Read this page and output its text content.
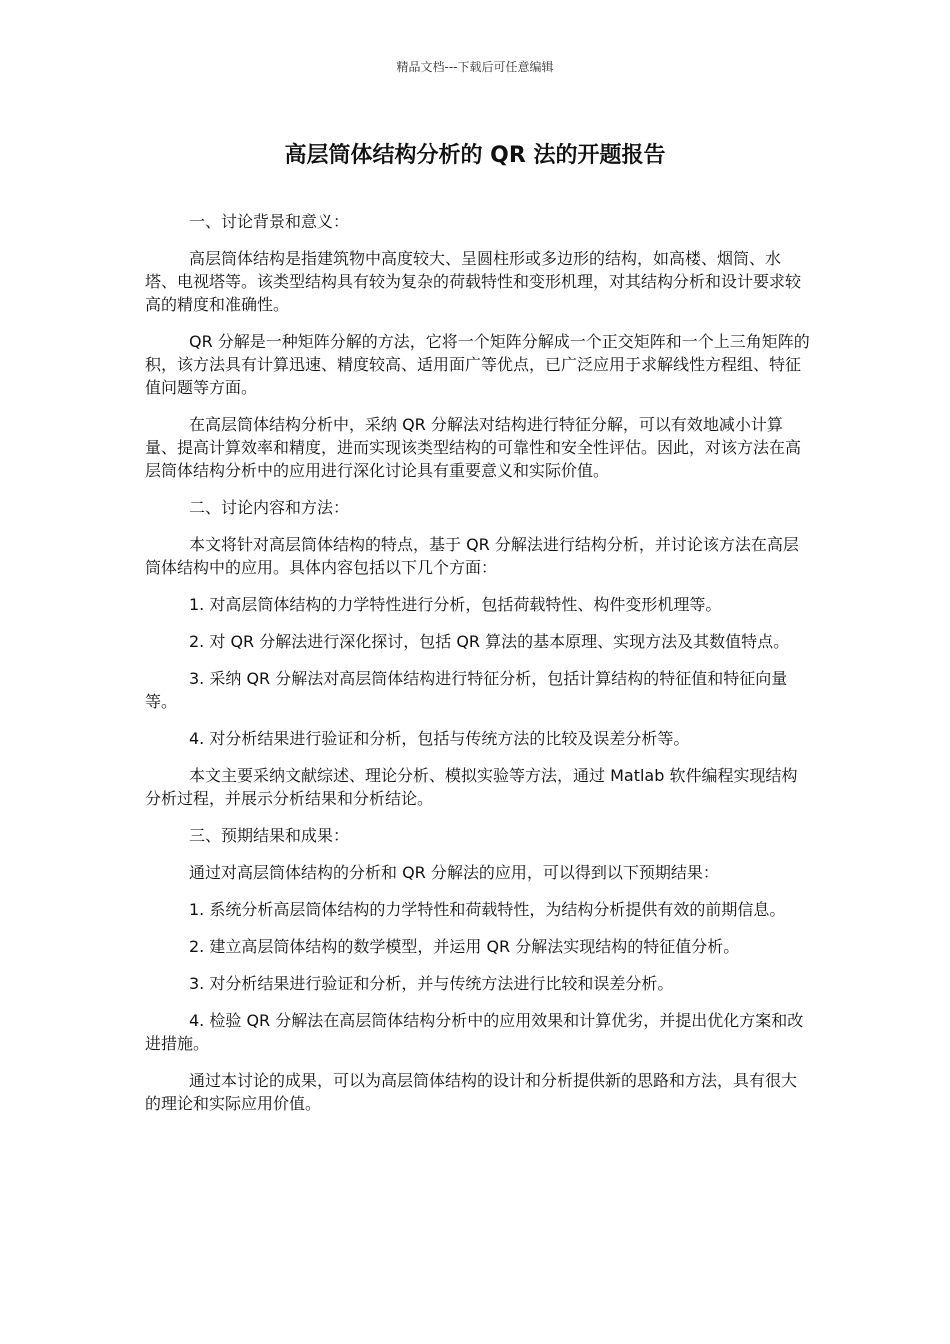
精品文档---下载后可任意编辑
高层筒体结构分析的 QR 法的开题报告

一、讨论背景和意义：

高层筒体结构是指建筑物中高度较大、呈圆柱形或多边形的结构，如高楼、烟筒、水塔、电视塔等。该类型结构具有较为复杂的荷载特性和变形机理，对其结构分析和设计要求较高的精度和准确性。

QR 分解是一种矩阵分解的方法，它将一个矩阵分解成一个正交矩阵和一个上三角矩阵的积，该方法具有计算迅速、精度较高、适用面广等优点，已广泛应用于求解线性方程组、特征值问题等方面。

在高层筒体结构分析中，采纳 QR 分解法对结构进行特征分解，可以有效地减小计算量、提高计算效率和精度，进而实现该类型结构的可靠性和安全性评估。因此，对该方法在高层筒体结构分析中的应用进行深化讨论具有重要意义和实际价值。

二、讨论内容和方法：

本文将针对高层筒体结构的特点，基于 QR 分解法进行结构分析，并讨论该方法在高层筒体结构中的应用。具体内容包括以下几个方面：

1. 对高层筒体结构的力学特性进行分析，包括荷载特性、构件变形机理等。

2. 对 QR 分解法进行深化探讨，包括 QR 算法的基本原理、实现方法及其数值特点。

3. 采纳 QR 分解法对高层筒体结构进行特征分析，包括计算结构的特征值和特征向量等。

4. 对分析结果进行验证和分析，包括与传统方法的比较及误差分析等。

本文主要采纳文献综述、理论分析、模拟实验等方法，通过 Matlab 软件编程实现结构分析过程，并展示分析结果和分析结论。

三、预期结果和成果：

通过对高层筒体结构的分析和 QR 分解法的应用，可以得到以下预期结果：

1. 系统分析高层筒体结构的力学特性和荷载特性，为结构分析提供有效的前期信息。

2. 建立高层筒体结构的数学模型，并运用 QR 分解法实现结构的特征值分析。

3. 对分析结果进行验证和分析，并与传统方法进行比较和误差分析。

4. 检验 QR 分解法在高层筒体结构分析中的应用效果和计算优劣，并提出优化方案和改进措施。

通过本讨论的成果，可以为高层筒体结构的设计和分析提供新的思路和方法，具有很大的理论和实际应用价值。
